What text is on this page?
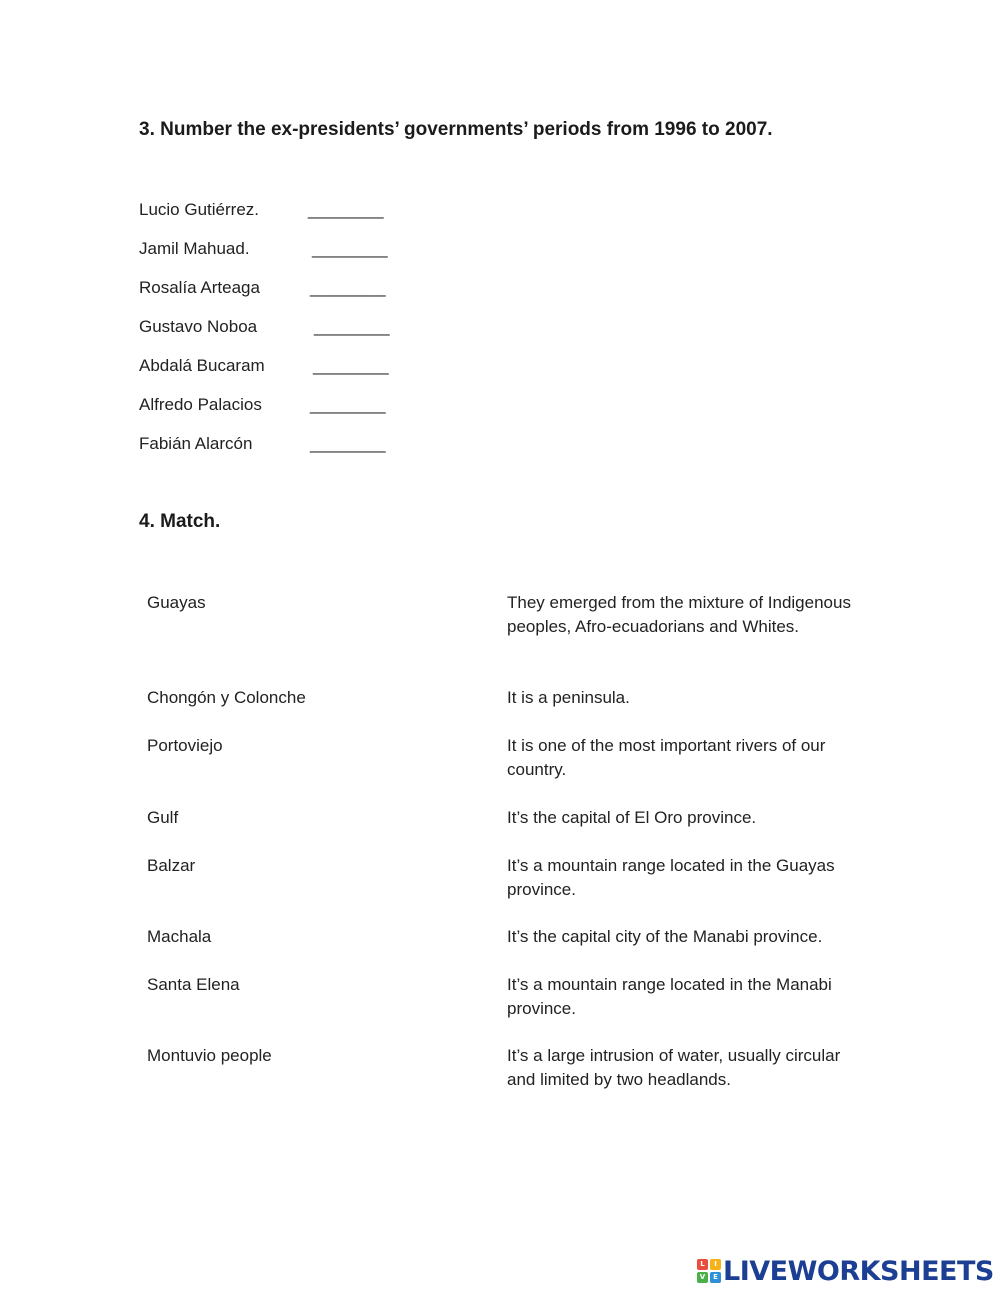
3. Number the ex-presidents’ governments’ periods from 1996 to 2007.
Lucio Gutiérrez.	________
Jamil Mahuad.	________
Rosalía Arteaga	________
Gustavo Noboa	________
Abdalá Bucaram	________
Alfredo Palacios	________
Fabián Alarcón	________
4. Match.
Guayas	They emerged from the mixture of Indigenous peoples, Afro-ecuadorians and Whites.
Chongón y Colonche	It is a peninsula.
Portoviejo	It is one of the most important rivers of our country.
Gulf	It’s the capital of El Oro province.
Balzar	It’s a mountain range located in the Guayas province.
Machala	It’s the capital city of the Manabi province.
Santa Elena	It’s a mountain range located in the Manabi province.
Montuvio people	It’s a large intrusion of water, usually circular and limited by two headlands.
L	I
V	E LIVEWORKSHEETS
